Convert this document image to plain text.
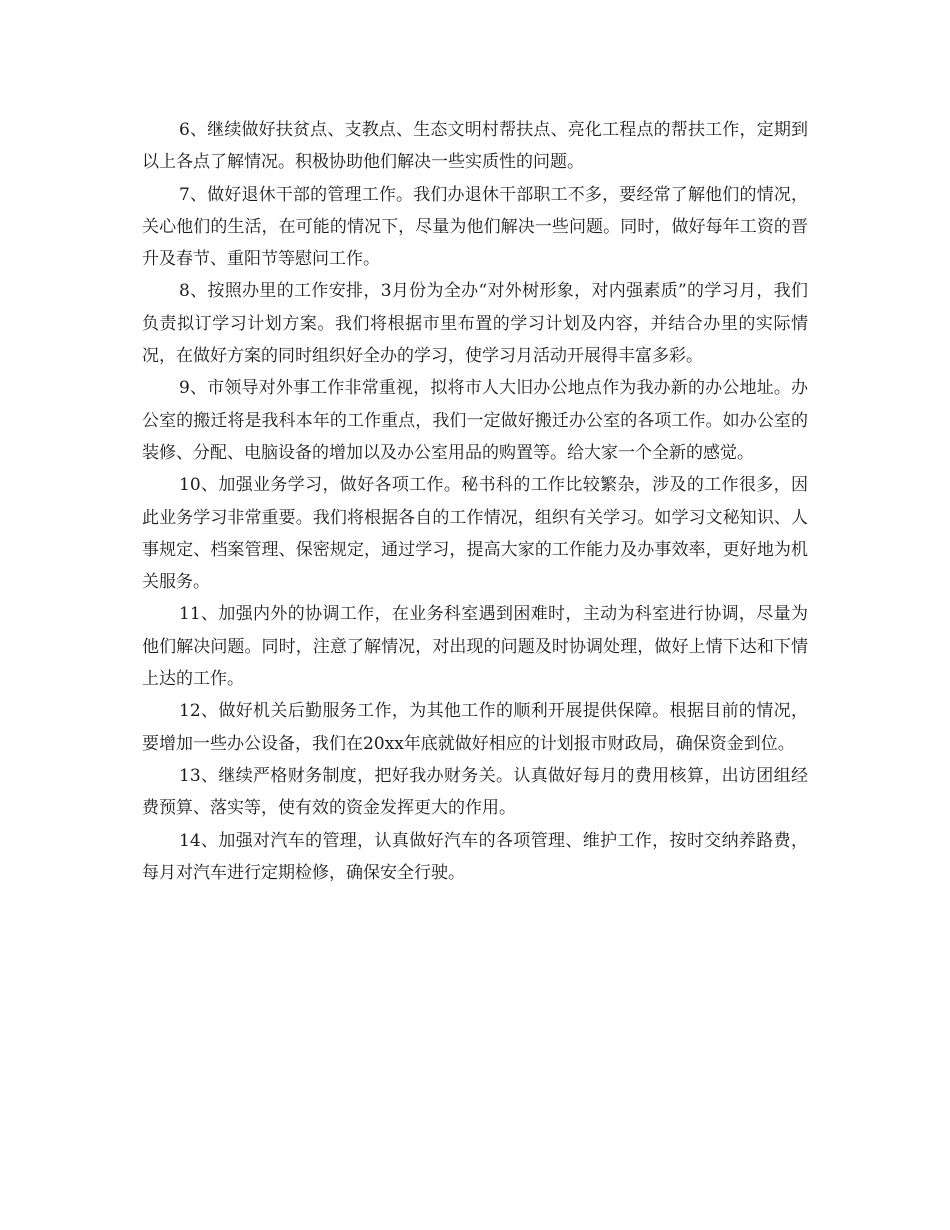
6、继续做好扶贫点、支教点、生态文明村帮扶点、亮化工程点的帮扶工作，定期到以上各点了解情况。积极协助他们解决一些实质性的问题。

7、做好退休干部的管理工作。我们办退休干部职工不多，要经常了解他们的情况，关心他们的生活，在可能的情况下，尽量为他们解决一些问题。同时，做好每年工资的晋升及春节、重阳节等慰问工作。

8、按照办里的工作安排，3月份为全办“对外树形象，对内强素质”的学习月，我们负责拟订学习计划方案。我们将根据市里布置的学习计划及内容，并结合办里的实际情况，在做好方案的同时组织好全办的学习，使学习月活动开展得丰富多彩。

9、市领导对外事工作非常重视，拟将市人大旧办公地点作为我办新的办公地址。办公室的搬迁将是我科本年的工作重点，我们一定做好搬迁办公室的各项工作。如办公室的装修、分配、电脑设备的增加以及办公室用品的购置等。给大家一个全新的感觉。

10、加强业务学习，做好各项工作。秘书科的工作比较繁杂，涉及的工作很多，因此业务学习非常重要。我们将根据各自的工作情况，组织有关学习。如学习文秘知识、人事规定、档案管理、保密规定，通过学习，提高大家的工作能力及办事效率，更好地为机关服务。

11、加强内外的协调工作，在业务科室遇到困难时，主动为科室进行协调，尽量为他们解决问题。同时，注意了解情况，对出现的问题及时协调处理，做好上情下达和下情上达的工作。

12、做好机关后勤服务工作，为其他工作的顺利开展提供保障。根据目前的情况，要增加一些办公设备，我们在20xx年底就做好相应的计划报市财政局，确保资金到位。

13、继续严格财务制度，把好我办财务关。认真做好每月的费用核算，出访团组经费预算、落实等，使有效的资金发挥更大的作用。

14、加强对汽车的管理，认真做好汽车的各项管理、维护工作，按时交纳养路费，每月对汽车进行定期检修，确保安全行驶。
